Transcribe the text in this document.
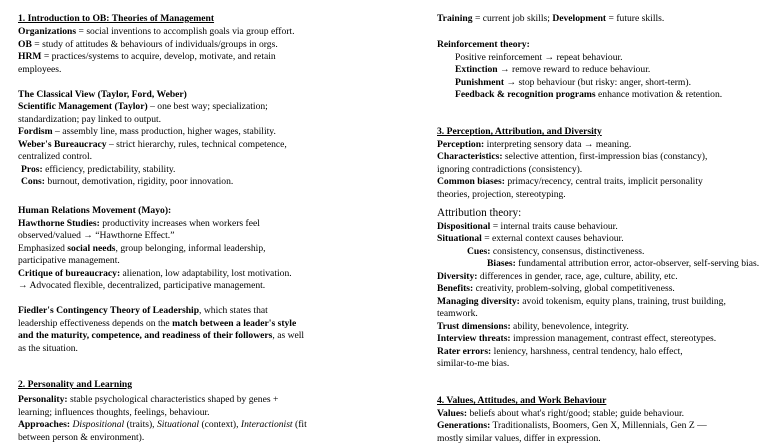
1. Introduction to OB: Theories of Management
Organizations = social inventions to accomplish goals via group effort.
OB = study of attitudes & behaviours of individuals/groups in orgs.
HRM = practices/systems to acquire, develop, motivate, and retain
employees.
The Classical View (Taylor, Ford, Weber)
Scientific Management (Taylor) – one best way; specialization;
standardization; pay linked to output.
Fordism – assembly line, mass production, higher wages, stability.
Weber's Bureaucracy – strict hierarchy, rules, technical competence,
centralized control.
Pros: efficiency, predictability, stability.
Cons: burnout, demotivation, rigidity, poor innovation.
Human Relations Movement (Mayo):
Hawthorne Studies: productivity increases when workers feel
observed/valued → “Hawthorne Effect.”
Emphasized social needs, group belonging, informal leadership,
participative management.
Critique of bureaucracy: alienation, low adaptability, lost motivation.
→ Advocated flexible, decentralized, participative management.
Fiedler's Contingency Theory of Leadership, which states that
leadership effectiveness depends on the match between a leader's style
and the maturity, competence, and readiness of their followers, as well
as the situation.
2. Personality and Learning
Personality: stable psychological characteristics shaped by genes +
learning; influences thoughts, feelings, behaviour.
Approaches: Dispositional (traits), Situational (context), Interactionist (fit
between person & environment).
Training = current job skills; Development = future skills.
Reinforcement theory:
Positive reinforcement → repeat behaviour.
Extinction → remove reward to reduce behaviour.
Punishment → stop behaviour (but risky: anger, short-term).
Feedback & recognition programs enhance motivation & retention.
3. Perception, Attribution, and Diversity
Perception: interpreting sensory data → meaning.
Characteristics: selective attention, first-impression bias (constancy),
ignoring contradictions (consistency).
Common biases: primacy/recency, central traits, implicit personality
theories, projection, stereotyping.
Attribution theory:
Dispositional = internal traits cause behaviour.
Situational = external context causes behaviour.
Cues: consistency, consensus, distinctiveness.
Biases: fundamental attribution error, actor-observer, self-serving bias.
Diversity: differences in gender, race, age, culture, ability, etc.
Benefits: creativity, problem-solving, global competitiveness.
Managing diversity: avoid tokenism, equity plans, training, trust building,
teamwork.
Trust dimensions: ability, benevolence, integrity.
Interview threats: impression management, contrast effect, stereotypes.
Rater errors: leniency, harshness, central tendency, halo effect,
similar-to-me bias.
4. Values, Attitudes, and Work Behaviour
Values: beliefs about what's right/good; stable; guide behaviour.
Generations: Traditionalists, Boomers, Gen X, Millennials, Gen Z —
mostly similar values, differ in expression.
